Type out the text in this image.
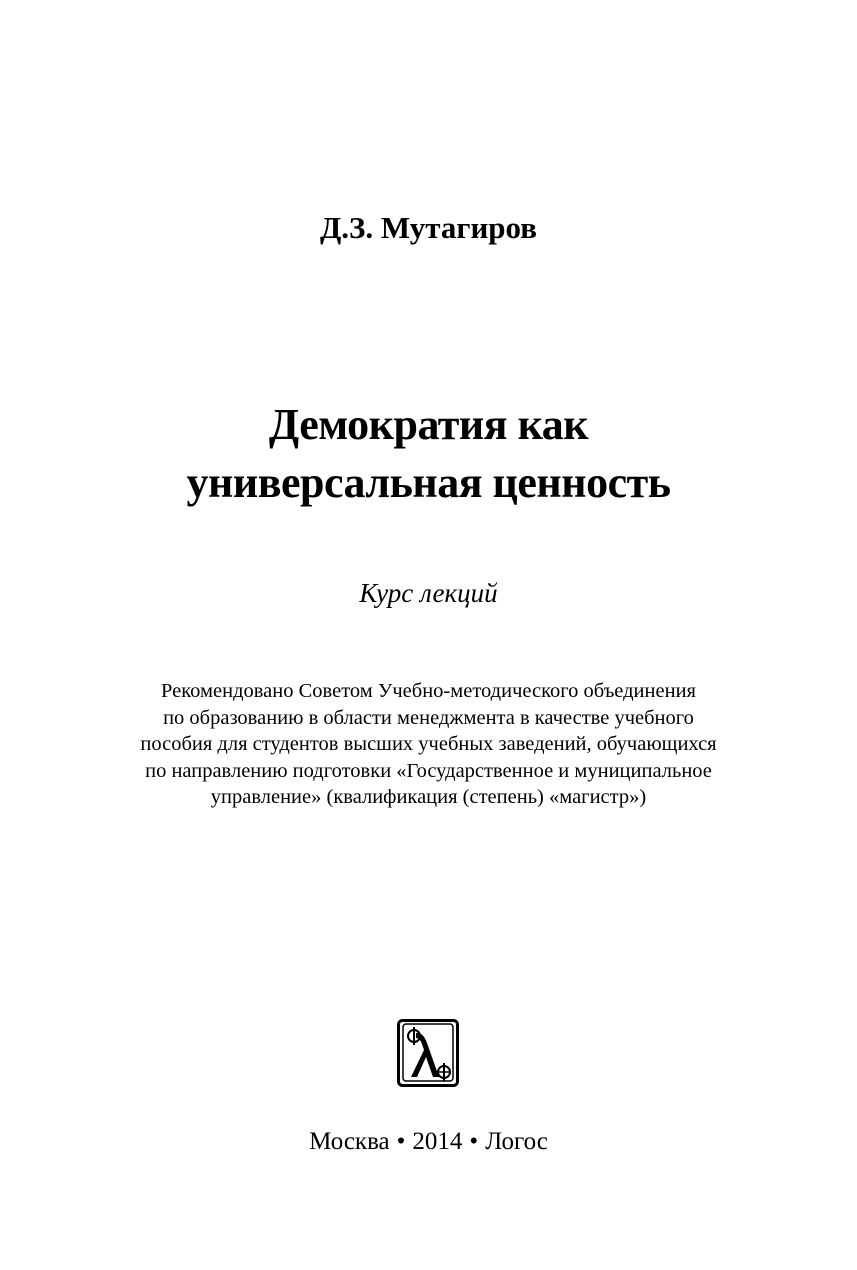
Д.З. Мутагиров
Демократия как
универсальная ценность
Курс лекций
Рекомендовано Советом Учебно-методического объединения
по образованию в области менеджмента в качестве учебного
пособия для студентов высших учебных заведений, обучающихся
по направлению подготовки «Государственное и муниципальное
управление» (квалификация (степень) «магистр»)
Москва • 2014 • Логос
